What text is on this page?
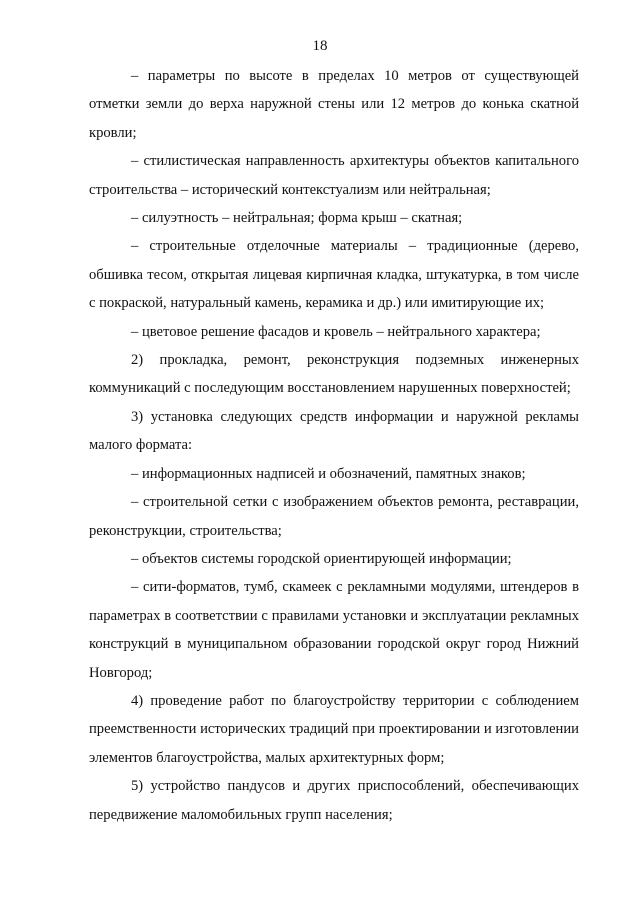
18

– параметры по высоте в пределах 10 метров от существующей отметки земли до верха наружной стены или 12 метров до конька скатной кровли;

– стилистическая направленность архитектуры объектов капитального строительства – исторический контекстуализм или нейтральная;

– силуэтность – нейтральная; форма крыш – скатная;

– строительные отделочные материалы – традиционные (дерево, обшивка тесом, открытая лицевая кирпичная кладка, штукатурка, в том числе с покраской, натуральный камень, керамика и др.) или имитирующие их;

– цветовое решение фасадов и кровель – нейтрального характера;

2) прокладка, ремонт, реконструкция подземных инженерных коммуникаций с последующим восстановлением нарушенных поверхностей;

3) установка следующих средств информации и наружной рекламы малого формата:

– информационных надписей и обозначений, памятных знаков;

– строительной сетки с изображением объектов ремонта, реставрации, реконструкции, строительства;

– объектов системы городской ориентирующей информации;

– сити-форматов, тумб, скамеек с рекламными модулями, штендеров в параметрах в соответствии с правилами установки и эксплуатации рекламных конструкций в муниципальном образовании городской округ город Нижний Новгород;

4) проведение работ по благоустройству территории с соблюдением преемственности исторических традиций при проектировании и изготовлении элементов благоустройства, малых архитектурных форм;

5) устройство пандусов и других приспособлений, обеспечивающих передвижение маломобильных групп населения;
